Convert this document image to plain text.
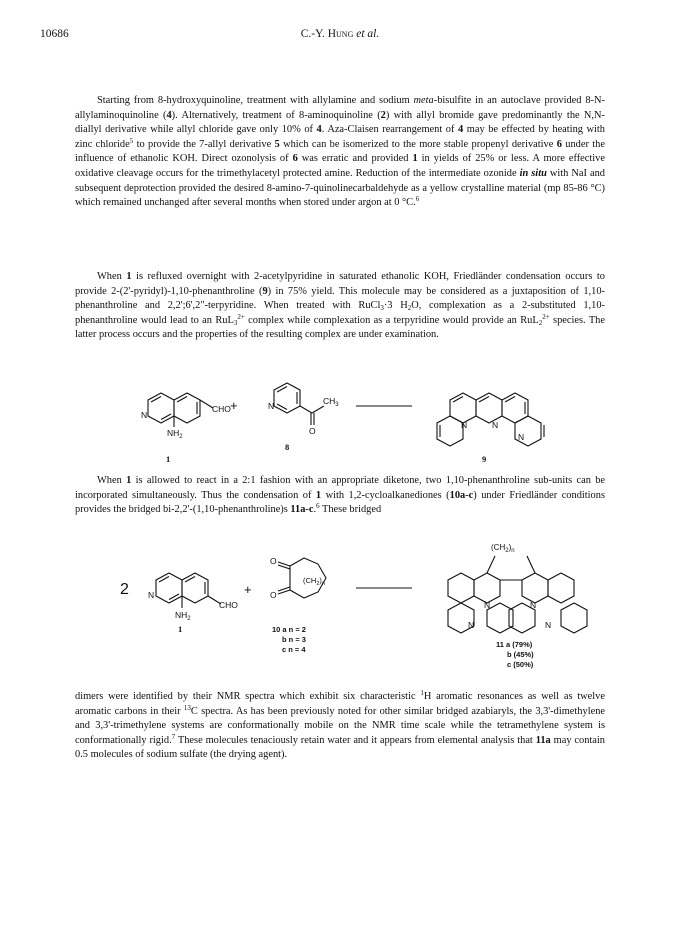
10686	C.-Y. Hung et al.

Starting from 8-hydroxyquinoline, treatment with allylamine and sodium meta-bisulfite in an autoclave provided 8-N-allylaminoquinoline (4). Alternatively, treatment of 8-aminoquinoline (2) with allyl bromide gave predominantly the N,N-diallyl derivative while allyl chloride gave only 10% of 4. Aza-Claisen rearrangement of 4 may be effected by heating with zinc chloride$^5$ to provide the 7-allyl derivative 5 which can be isomerized to the more stable propenyl derivative 6 under the influence of ethanolic KOH. Direct ozonolysis of 6 was erratic and provided 1 in yields of 25% or less. A more effective oxidative cleavage occurs for the trimethylacetyl protected amine. Reduction of the intermediate ozonide in situ with NaI and subsequent deprotection provided the desired 8-amino-7-quinolinecarbaldehyde as a yellow crystalline material (mp 85-86 °C) which remained unchanged after several months when stored under argon at 0 °C.$^6$

When 1 is refluxed overnight with 2-acetylpyridine in saturated ethanolic KOH, Friedländer condensation occurs to provide 2-(2'-pyridyl)-1,10-phenanthroline (9) in 75% yield. This molecule may be considered as a juxtaposition of 1,10-phenanthroline and 2,2';6',2"-terpyridine. When treated with RuCl$_3$·3 $H_2O$, complexation as a 2-substituted 1,10-phenanthroline would lead to an RuL$_3^{2+}$ complex while complexation as a terpyridine would provide an RuL$_2^{2+}$ species. The latter process occurs and the properties of the resulting complex are under examination.

CHO
N
$NH_2$
+	N	$CH_3$
O
N	N
N
1
8
9

When 1 is allowed to react in a 2:1 fashion with an appropriate diketone, two 1,10-phenanthroline sub-units can be incorporated simultaneously. Thus the condensation of 1 with 1,2-cycloalkanediones (10a-c) under Friedländer conditions provides the bridged bi-2,2'-(1,10-phenanthroline)s 11a-c.$^6$ These bridged

2
CHO
N
$NH_2$
1
+
O
O
$(CH_2)_n$
$(CH_2)_n$
N	N
N	N
10 a n = 2
b n = 3
c n = 4
11 a (79%)
b (45%)
c (50%)

dimers were identified by their NMR spectra which exhibit six characteristic $^1$H aromatic resonances as well as twelve aromatic carbons in their $^{13}$C spectra. As has been previously noted for other similar bridged azabiaryls, the 3,3'-dimethylene and 3,3'-trimethylene systems are conformationally mobile on the NMR time scale while the tetramethylene system is conformationally rigid.$^7$ These molecules tenaciously retain water and it appears from elemental analysis that 11a may contain 0.5 molecules of sodium sulfate (the drying agent).
